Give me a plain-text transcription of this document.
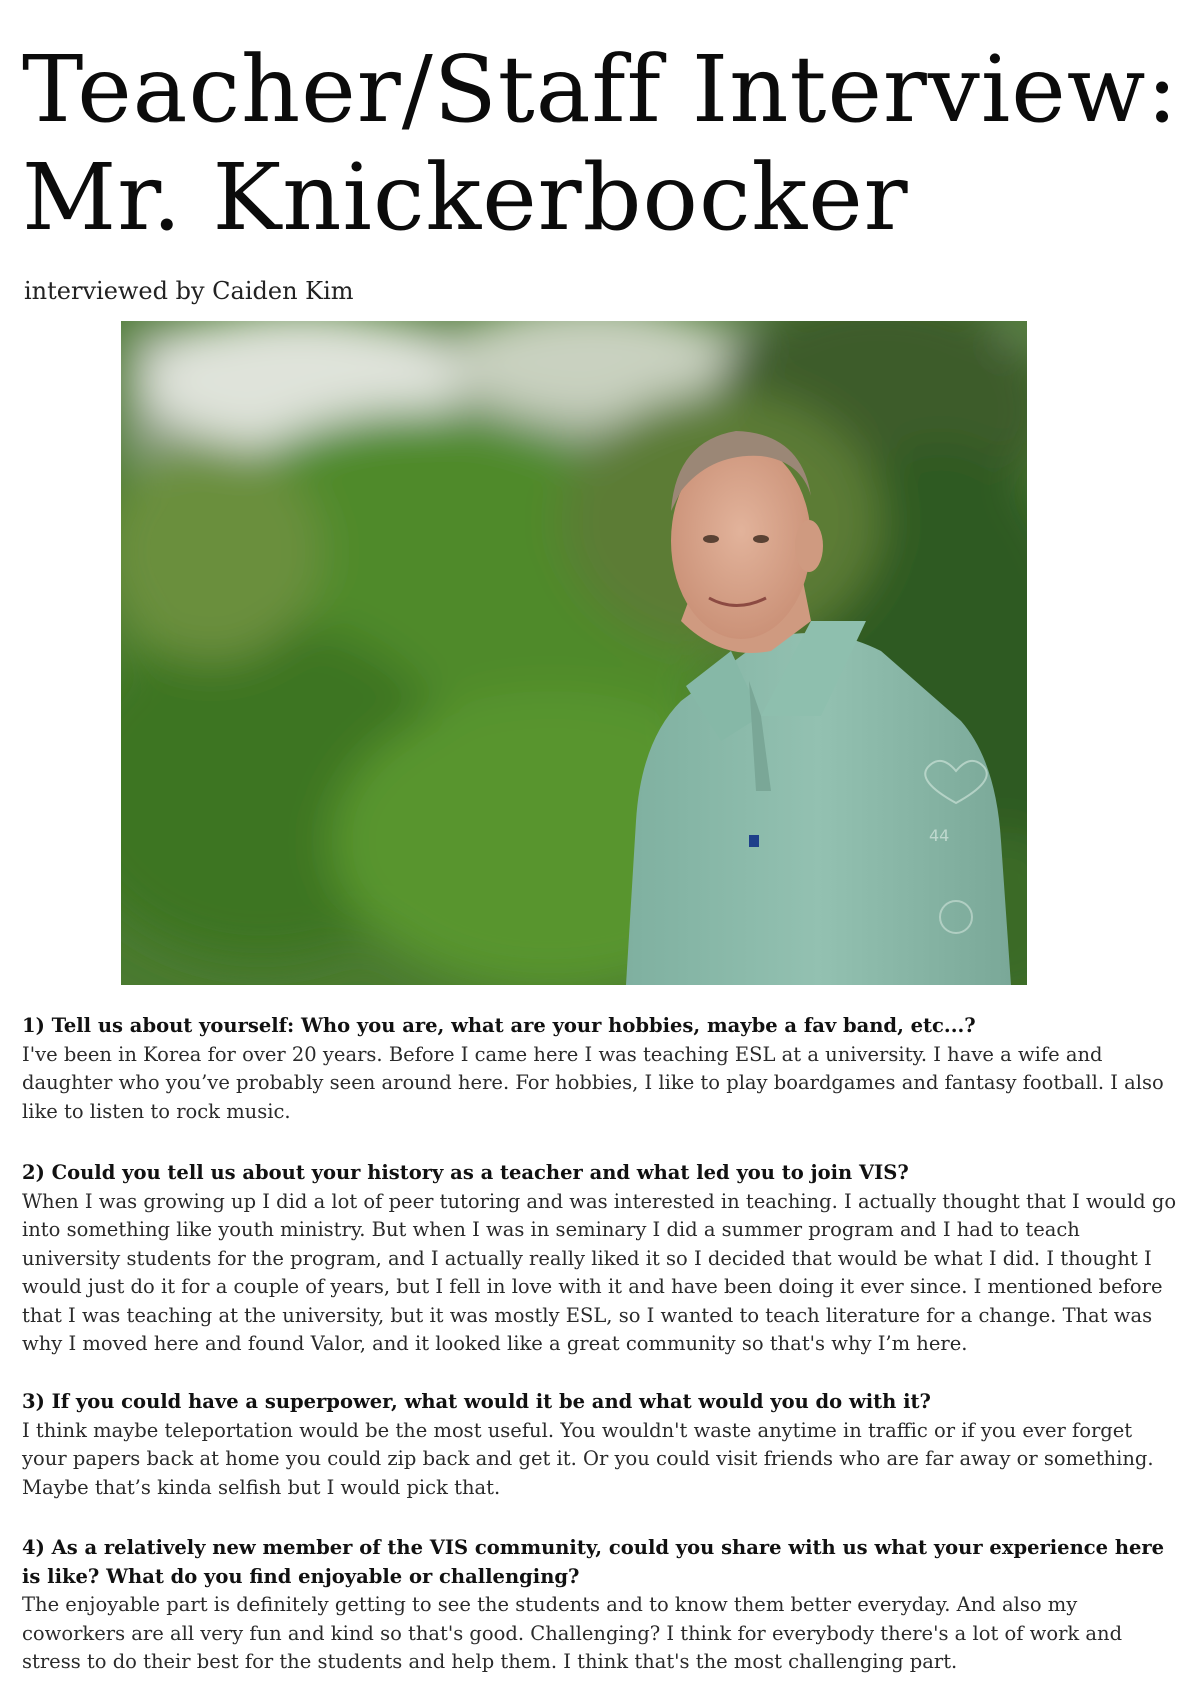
Teacher/Staff Interview:
Mr. Knickerbocker
interviewed by Caiden Kim
44

1) Tell us about yourself: Who you are, what are your hobbies, maybe a fav band, etc...?

I've been in Korea for over 20 years. Before I came here I was teaching ESL at a university. I have a wife and daughter who you’ve probably seen around here. For hobbies, I like to play boardgames and fantasy football. I also like to listen to rock music.

2) Could you tell us about your history as a teacher and what led you to join VIS?

When I was growing up I did a lot of peer tutoring and was interested in teaching. I actually thought that I would go into something like youth ministry. But when I was in seminary I did a summer program and I had to teach university students for the program, and I actually really liked it so I decided that would be what I did. I thought I would just do it for a couple of years, but I fell in love with it and have been doing it ever since. I mentioned before that I was teaching at the university, but it was mostly ESL, so I wanted to teach literature for a change. That was why I moved here and found Valor, and it looked like a great community so that's why I’m here.

3) If you could have a superpower, what would it be and what would you do with it?

I think maybe teleportation would be the most useful. You wouldn't waste anytime in traffic or if you ever forget your papers back at home you could zip back and get it. Or you could visit friends who are far away or something. Maybe that’s kinda selfish but I would pick that.

4) As a relatively new member of the VIS community, could you share with us what your experience here is like? What do you find enjoyable or challenging?

The enjoyable part is definitely getting to see the students and to know them better everyday. And also my coworkers are all very fun and kind so that's good. Challenging? I think for everybody there's a lot of work and stress to do their best for the students and help them. I think that's the most challenging part.
